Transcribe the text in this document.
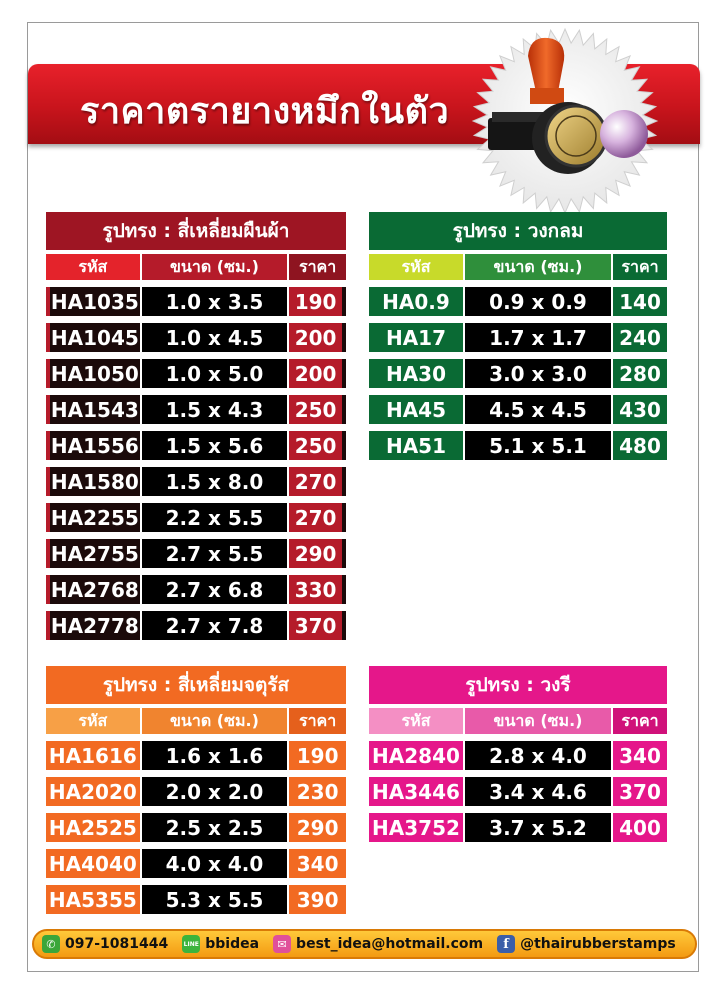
ราคาตรายางหมึกในตัว
รูปทรง : สี่เหลี่ยมผืนผ้า
รหัส	ขนาด (ซม.)	ราคา
HA1035	1.0 x 3.5	190
HA1045	1.0 x 4.5	200
HA1050	1.0 x 5.0	200
HA1543	1.5 x 4.3	250
HA1556	1.5 x 5.6	250
HA1580	1.5 x 8.0	270
HA2255	2.2 x 5.5	270
HA2755	2.7 x 5.5	290
HA2768	2.7 x 6.8	330
HA2778	2.7 x 7.8	370
รูปทรง : วงกลม
รหัส	ขนาด (ซม.)	ราคา
HA0.9	0.9 x 0.9	140
HA17	1.7 x 1.7	240
HA30	3.0 x 3.0	280
HA45	4.5 x 4.5	430
HA51	5.1 x 5.1	480
รูปทรง : สี่เหลี่ยมจตุรัส
รหัส	ขนาด (ซม.)	ราคา
HA1616	1.6 x 1.6	190
HA2020	2.0 x 2.0	230
HA2525	2.5 x 2.5	290
HA4040	4.0 x 4.0	340
HA5355	5.3 x 5.5	390
รูปทรง : วงรี
รหัส	ขนาด (ซม.)	ราคา
HA2840	2.8 x 4.0	340
HA3446	3.4 x 4.6	370
HA3752	3.7 x 5.2	400
✆ 097-1081444	LINE bbidea	✉ best_idea@hotmail.com	f @thairubberstamps
